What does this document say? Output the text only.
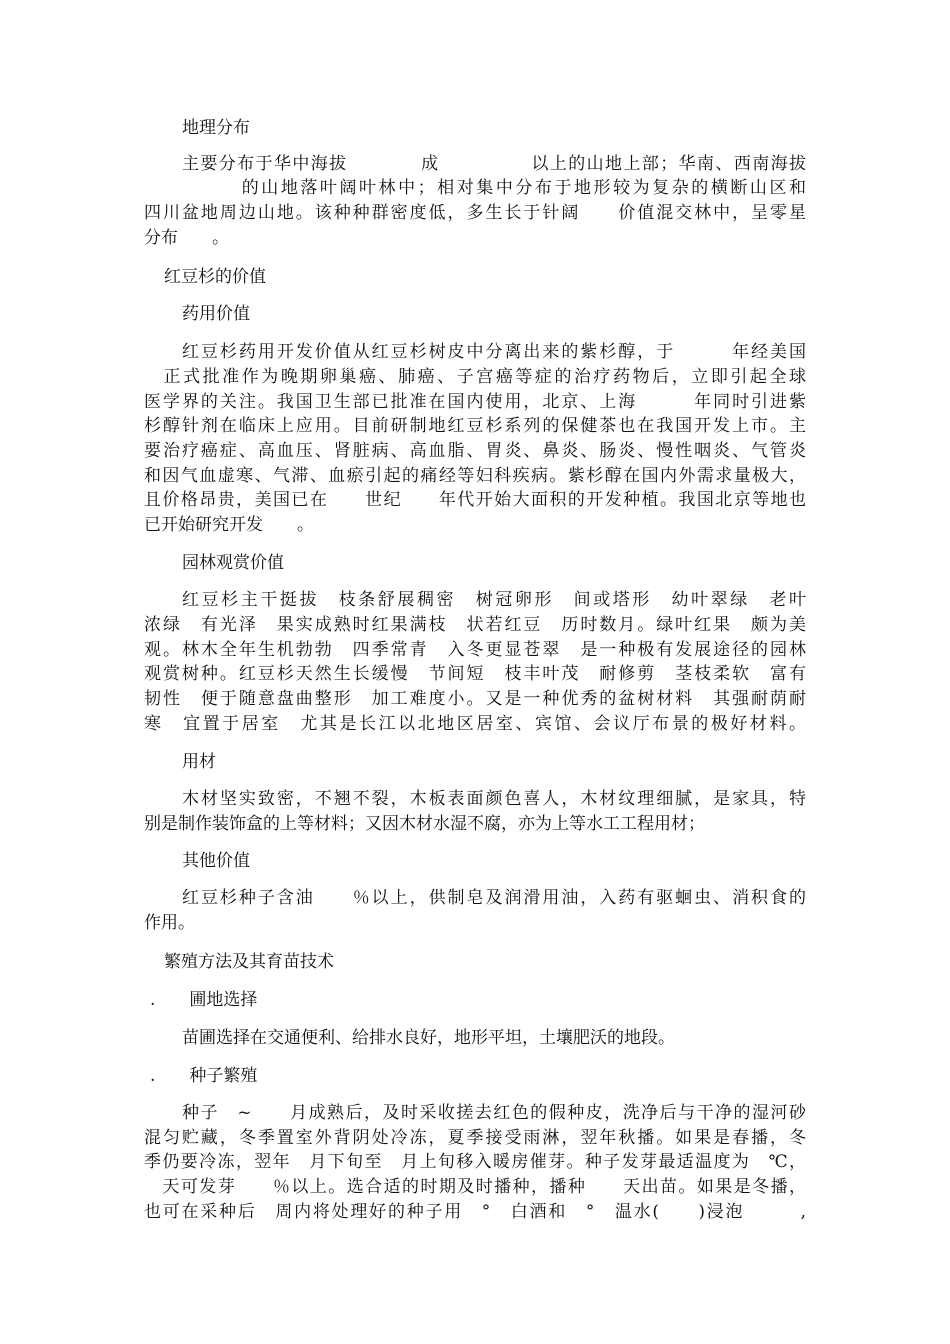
地理分布
主要分布于华中海拔　　　　成　　　　　以上的山地上部；华南、西南海拔
　　　　　的山地落叶阔叶林中；相对集中分布于地形较为复杂的横断山区和
四川盆地周边山地。该种种群密度低，多生长于针阔　　价值混交林中，呈零星
分布　　。
红豆杉的价值
药用价值
红豆杉药用开发价值从红豆杉树皮中分离出来的紫杉醇，于　　　年经美国
　正式批准作为晚期卵巢癌、肺癌、子宫癌等症的治疗药物后，立即引起全球
医学界的关注。我国卫生部已批准在国内使用，北京、上海　　　年同时引进紫
杉醇针剂在临床上应用。目前研制地红豆杉系列的保健茶也在我国开发上市。主
要治疗癌症、高血压、肾脏病、高血脂、胃炎、鼻炎、肠炎、慢性咽炎、气管炎
和因气血虚寒、气滞、血瘀引起的痛经等妇科疾病。紫杉醇在国内外需求量极大，
且价格昂贵，美国已在　　世纪　　年代开始大面积的开发种植。我国北京等地也
已开始研究开发　　。
园林观赏价值
红豆杉主干挺拔　枝条舒展稠密　树冠卵形　间或塔形　幼叶翠绿　老叶
浓绿　有光泽　果实成熟时红果满枝　状若红豆　历时数月。绿叶红果　颇为美
观。林木全年生机勃勃　四季常青　入冬更显苍翠　是一种极有发展途径的园林
观赏树种。红豆杉天然生长缓慢　节间短　枝丰叶茂　耐修剪　茎枝柔软　富有
韧性　便于随意盘曲整形　加工难度小。又是一种优秀的盆树材料　其强耐荫耐
寒　宜置于居室　尤其是长江以北地区居室、宾馆、会议厅布景的极好材料。
用材
木材坚实致密，不翘不裂，木板表面颜色喜人，木材纹理细腻，是家具，特
别是制作装饰盒的上等材料；又因木材水湿不腐，亦为上等水工工程用材；
其他价值
红豆杉种子含油　　％以上，供制皂及润滑用油，入药有驱蛔虫、消积食的
作用。
繁殖方法及其育苗技术
.　　圃地选择
苗圃选择在交通便利、给排水良好，地形平坦，土壤肥沃的地段。
.　　种子繁殖
种子　~　　月成熟后，及时采收搓去红色的假种皮，洗净后与干净的湿河砂
混匀贮藏，冬季置室外背阴处冷冻，夏季接受雨淋，翌年秋播。如果是春播，冬
季仍要冷冻，翌年　月下旬至　月上旬移入暖房催芽。种子发芽最适温度为　℃，
　天可发芽　　％以上。选合适的时期及时播种，播种　　天出苗。如果是冬播，
也可在采种后　周内将处理好的种子用　°　白酒和　°　温水(　　)浸泡　　　,
